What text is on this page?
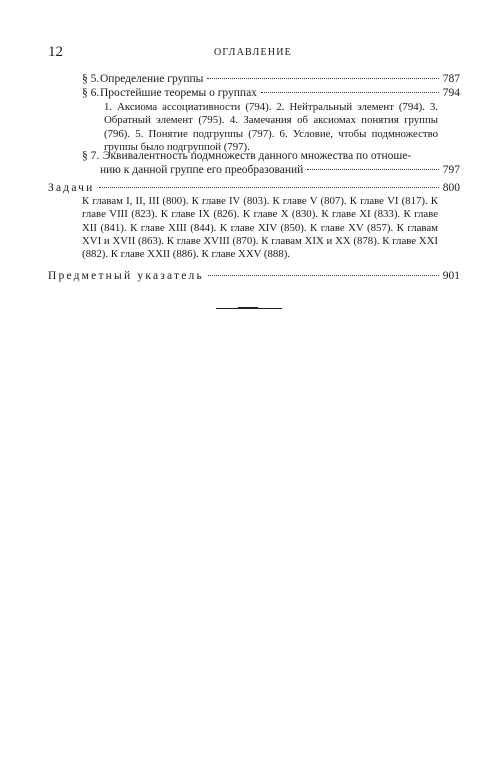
12	ОГЛАВЛЕНИЕ
§ 5. Определение группы	787
§ 6. Простейшие теоремы о группах	794
1. Аксиома ассоциативности (794). 2. Нейтральный элемент (794). 3. Обратный элемент (795). 4. Замечания об аксиомах понятия группы (796). 5. Понятие подгруппы (797). 6. Условие, чтобы подмножество группы было подгруппой (797).
§ 7. Эквивалентность подмножеств данного множества по отноше-
нию к данной группе его преобразований	797
Задачи	800
К главам I, II, III (800). К главе IV (803). К главе V (807). К главе VI (817). К главе VIII (823). К главе IX (826). К главе X (830). К главе XI (833). К главе XII (841). К главе XIII (844). К главе XIV (850). К главе XV (857). К главам XVI и XVII (863). К главе XVIII (870). К главам XIX и XX (878). К главе XXI (882). К главе XXII (886). К главе XXV (888).
Предметный указатель	901
